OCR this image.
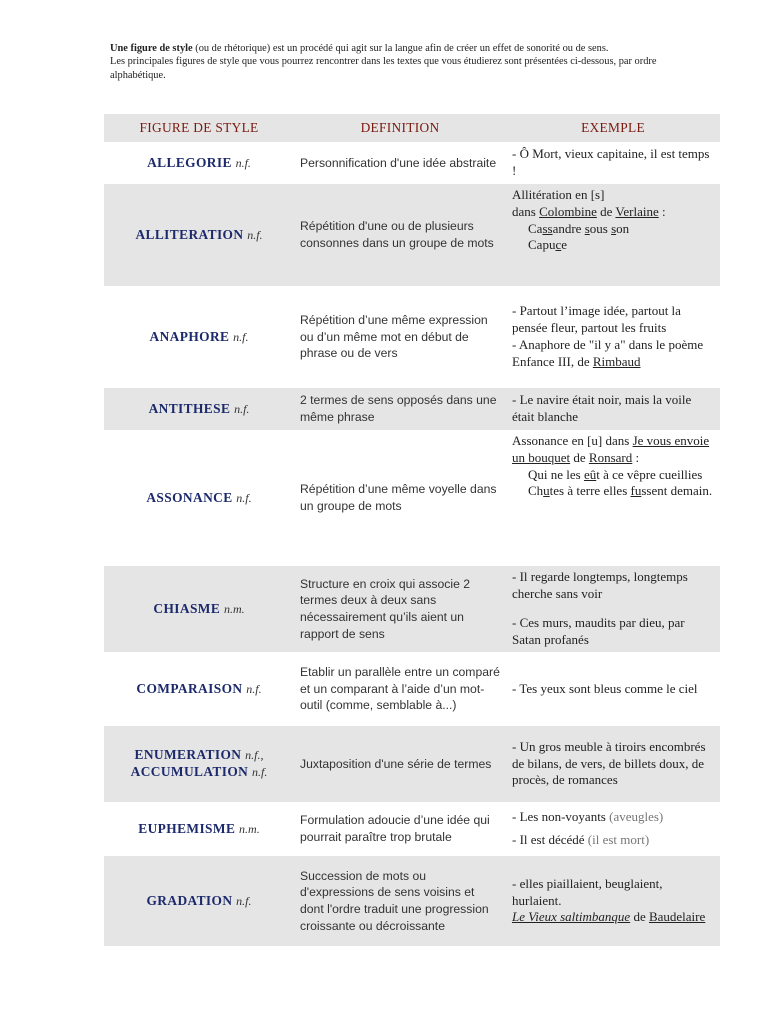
Une figure de style (ou de rhétorique) est un procédé qui agit sur la langue afin de créer un effet de sonorité ou de sens.

Les principales figures de style que vous pourrez rencontrer dans les textes que vous étudierez sont présentées ci-dessous, par ordre alphabétique.

FIGURE DE STYLE	DEFINITION	EXEMPLE
ALLEGORIE n.f.	Personnification d'une idée abstraite	- Ô Mort, vieux capitaine, il est temps !
ALLITERATION n.f.	Répétition d'une ou de plusieurs consonnes dans un groupe de mots	Allitération en [s]
dans Colombine de Verlaine :
Cassandre sous son
Capuce

ANAPHORE n.f.	Répétition d’une même expression ou d’un même mot en début de phrase ou de vers	- Partout l’image idée, partout la pensée fleur, partout les fruits
- Anaphore de "il y a" dans le poème Enfance III, de Rimbaud

ANTITHESE n.f.	2 termes de sens opposés dans une même phrase	- Le navire était noir, mais la voile était blanche
ASSONANCE n.f.	Répétition d’une même voyelle dans un groupe de mots	Assonance en [u] dans Je vous envoie un bouquet de Ronsard :
Qui ne les eût à ce vêpre cueillies
Chutes à terre elles fussent demain.

CHIASME n.m.	Structure en croix qui associe 2 termes deux à deux sans nécessairement qu’ils aient un rapport de sens	- Il regarde longtemps, longtemps cherche sans voir
- Ces murs, maudits par dieu, par Satan profanés

COMPARAISON n.f.	Etablir un parallèle entre un comparé et un comparant à l’aide d’un mot-outil (comme, semblable à...)	- Tes yeux sont bleus comme le ciel

ENUMERATION n.f.,
ACCUMULATION n.f.	Juxtaposition d'une série de termes	- Un gros meuble à tiroirs encombrés de bilans, de vers, de billets doux, de procès, de romances
EUPHEMISME n.m.	Formulation adoucie d’une idée qui pourrait paraître trop brutale	- Les non-voyants (aveugles)
- Il est décédé (il est mort)

GRADATION n.f.	Succession de mots ou d'expressions de sens voisins et dont l'ordre traduit une progression croissante ou décroissante	- elles piaillaient, beuglaient, hurlaient.
Le Vieux saltimbanque de Baudelaire
